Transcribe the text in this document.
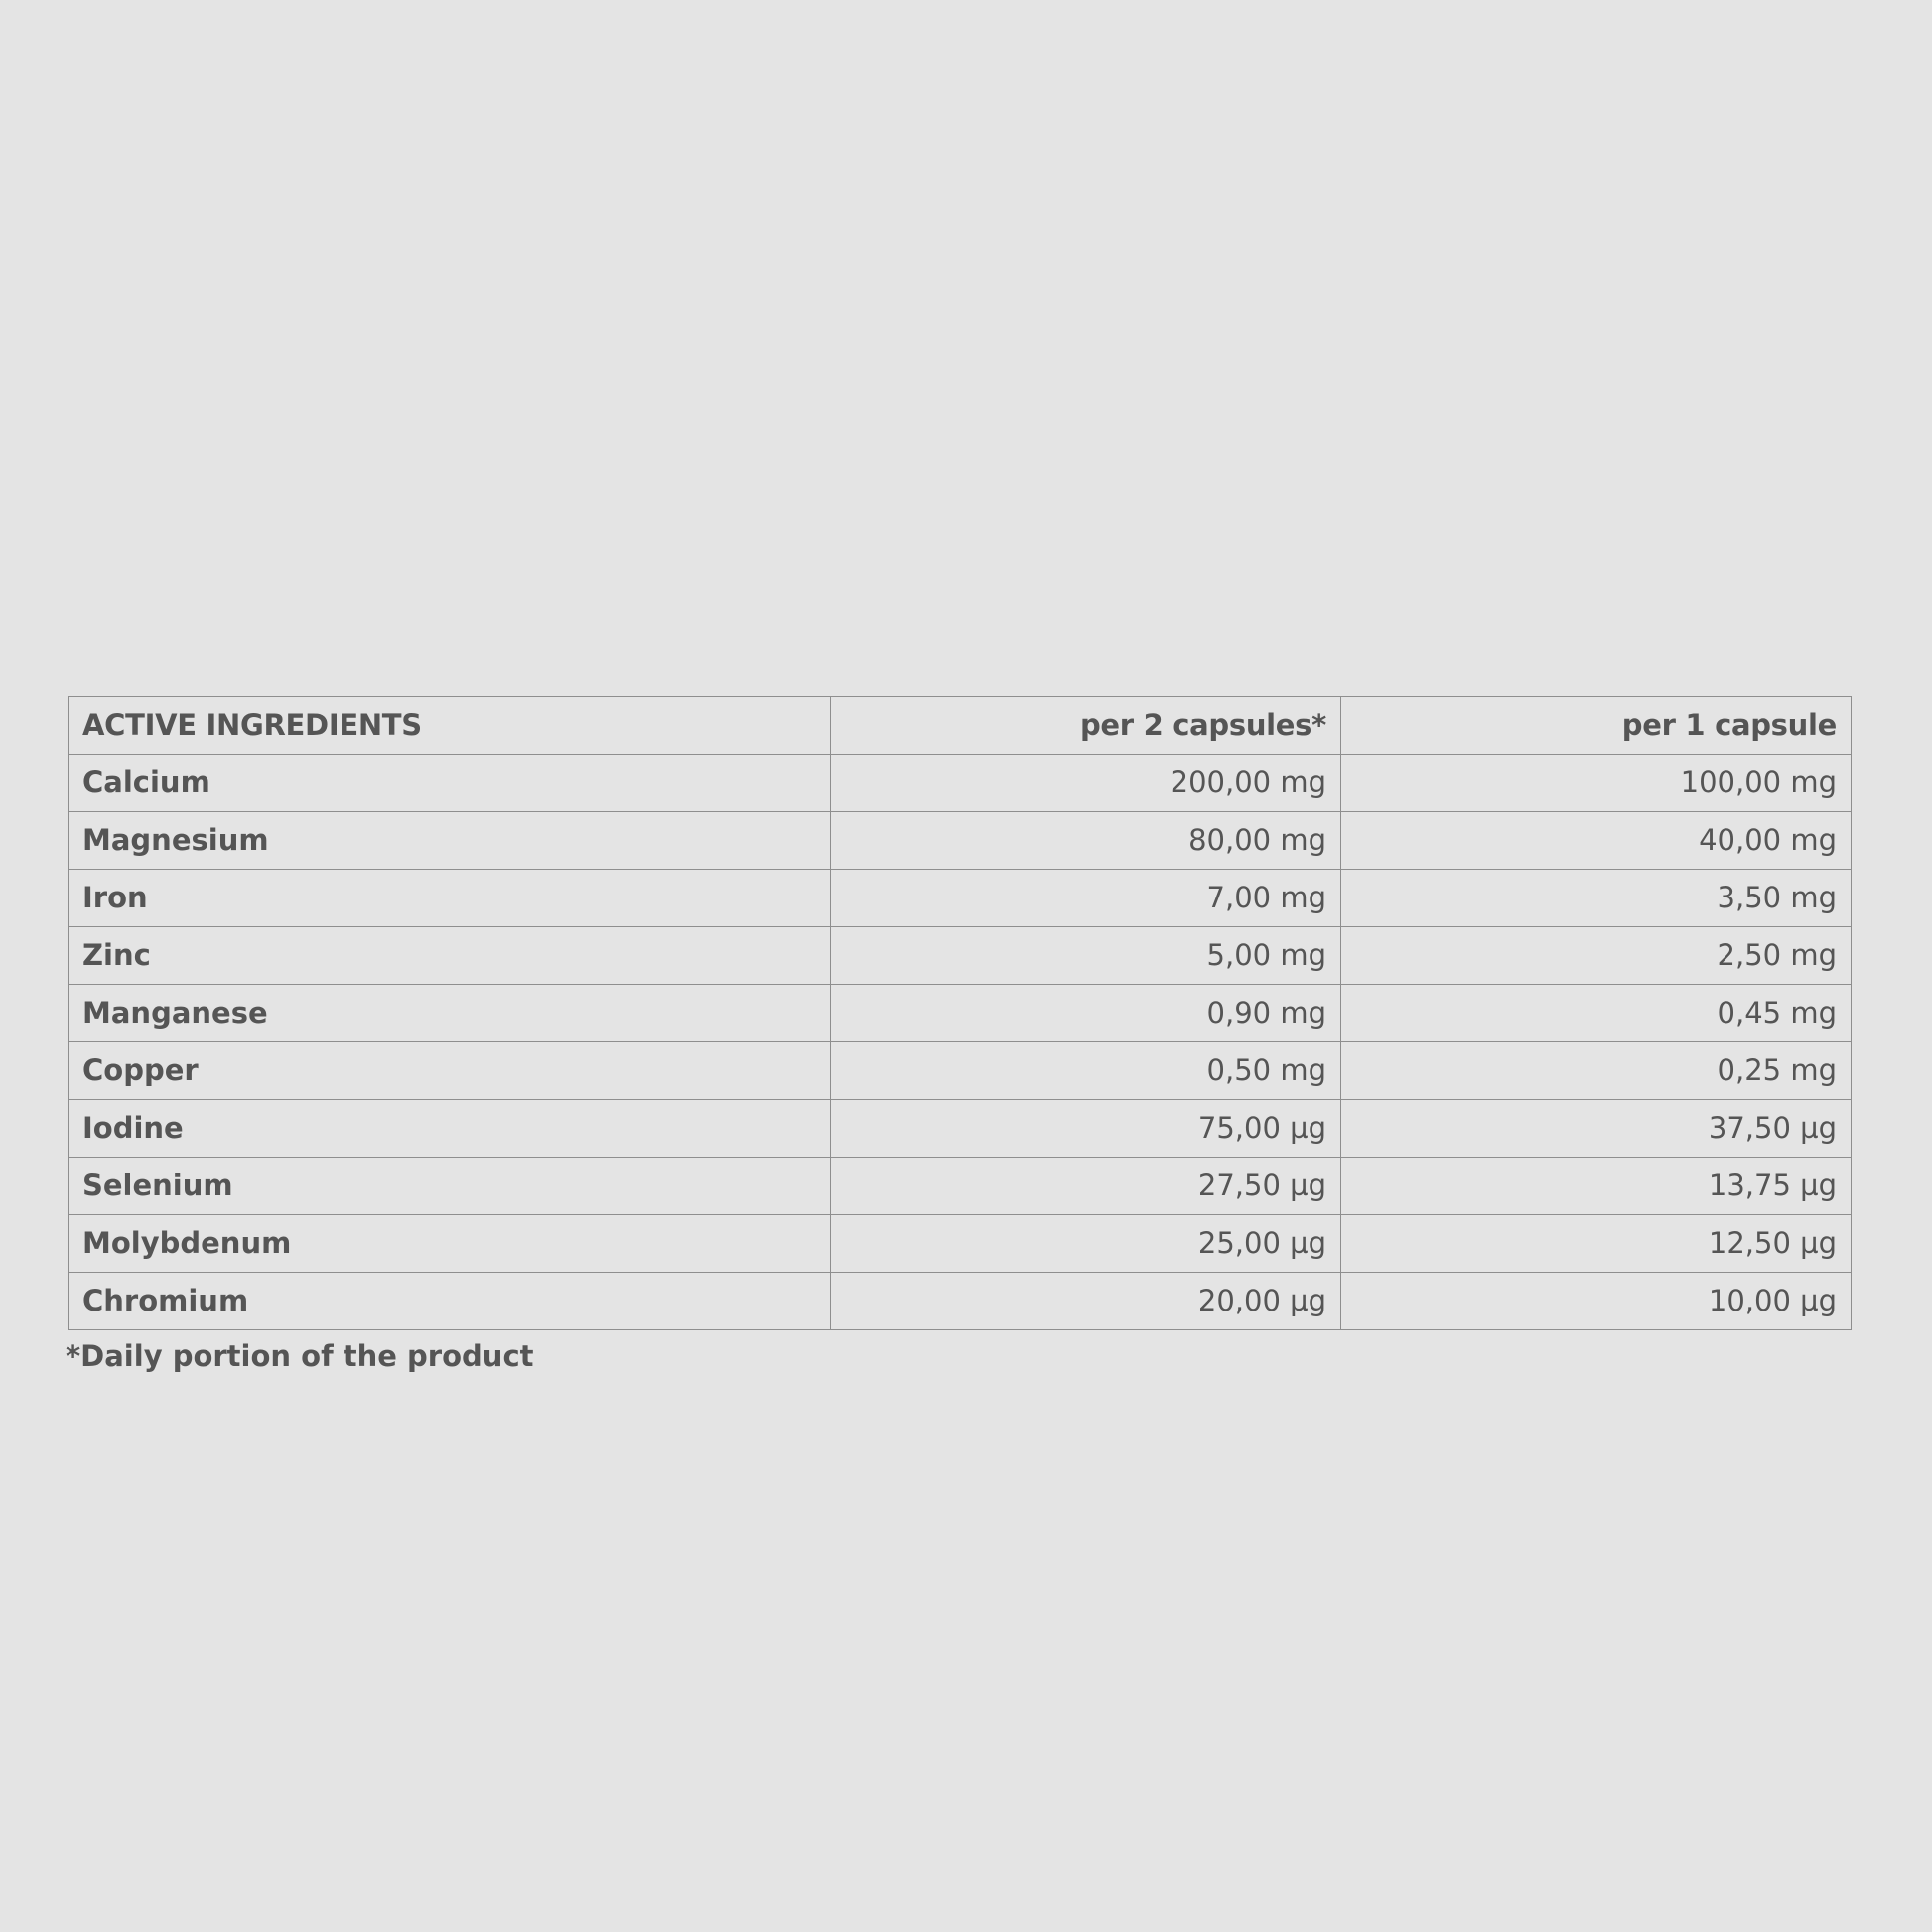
ACTIVE INGREDIENTS	per 2 capsules*	per 1 capsule
Calcium	200,00 mg	100,00 mg
Magnesium	80,00 mg	40,00 mg
Iron	7,00 mg	3,50 mg
Zinc	5,00 mg	2,50 mg
Manganese	0,90 mg	0,45 mg
Copper	0,50 mg	0,25 mg
Iodine	75,00 µg	37,50 µg
Selenium	27,50 µg	13,75 µg
Molybdenum	25,00 µg	12,50 µg
Chromium	20,00 µg	10,00 µg
*Daily portion of the product
